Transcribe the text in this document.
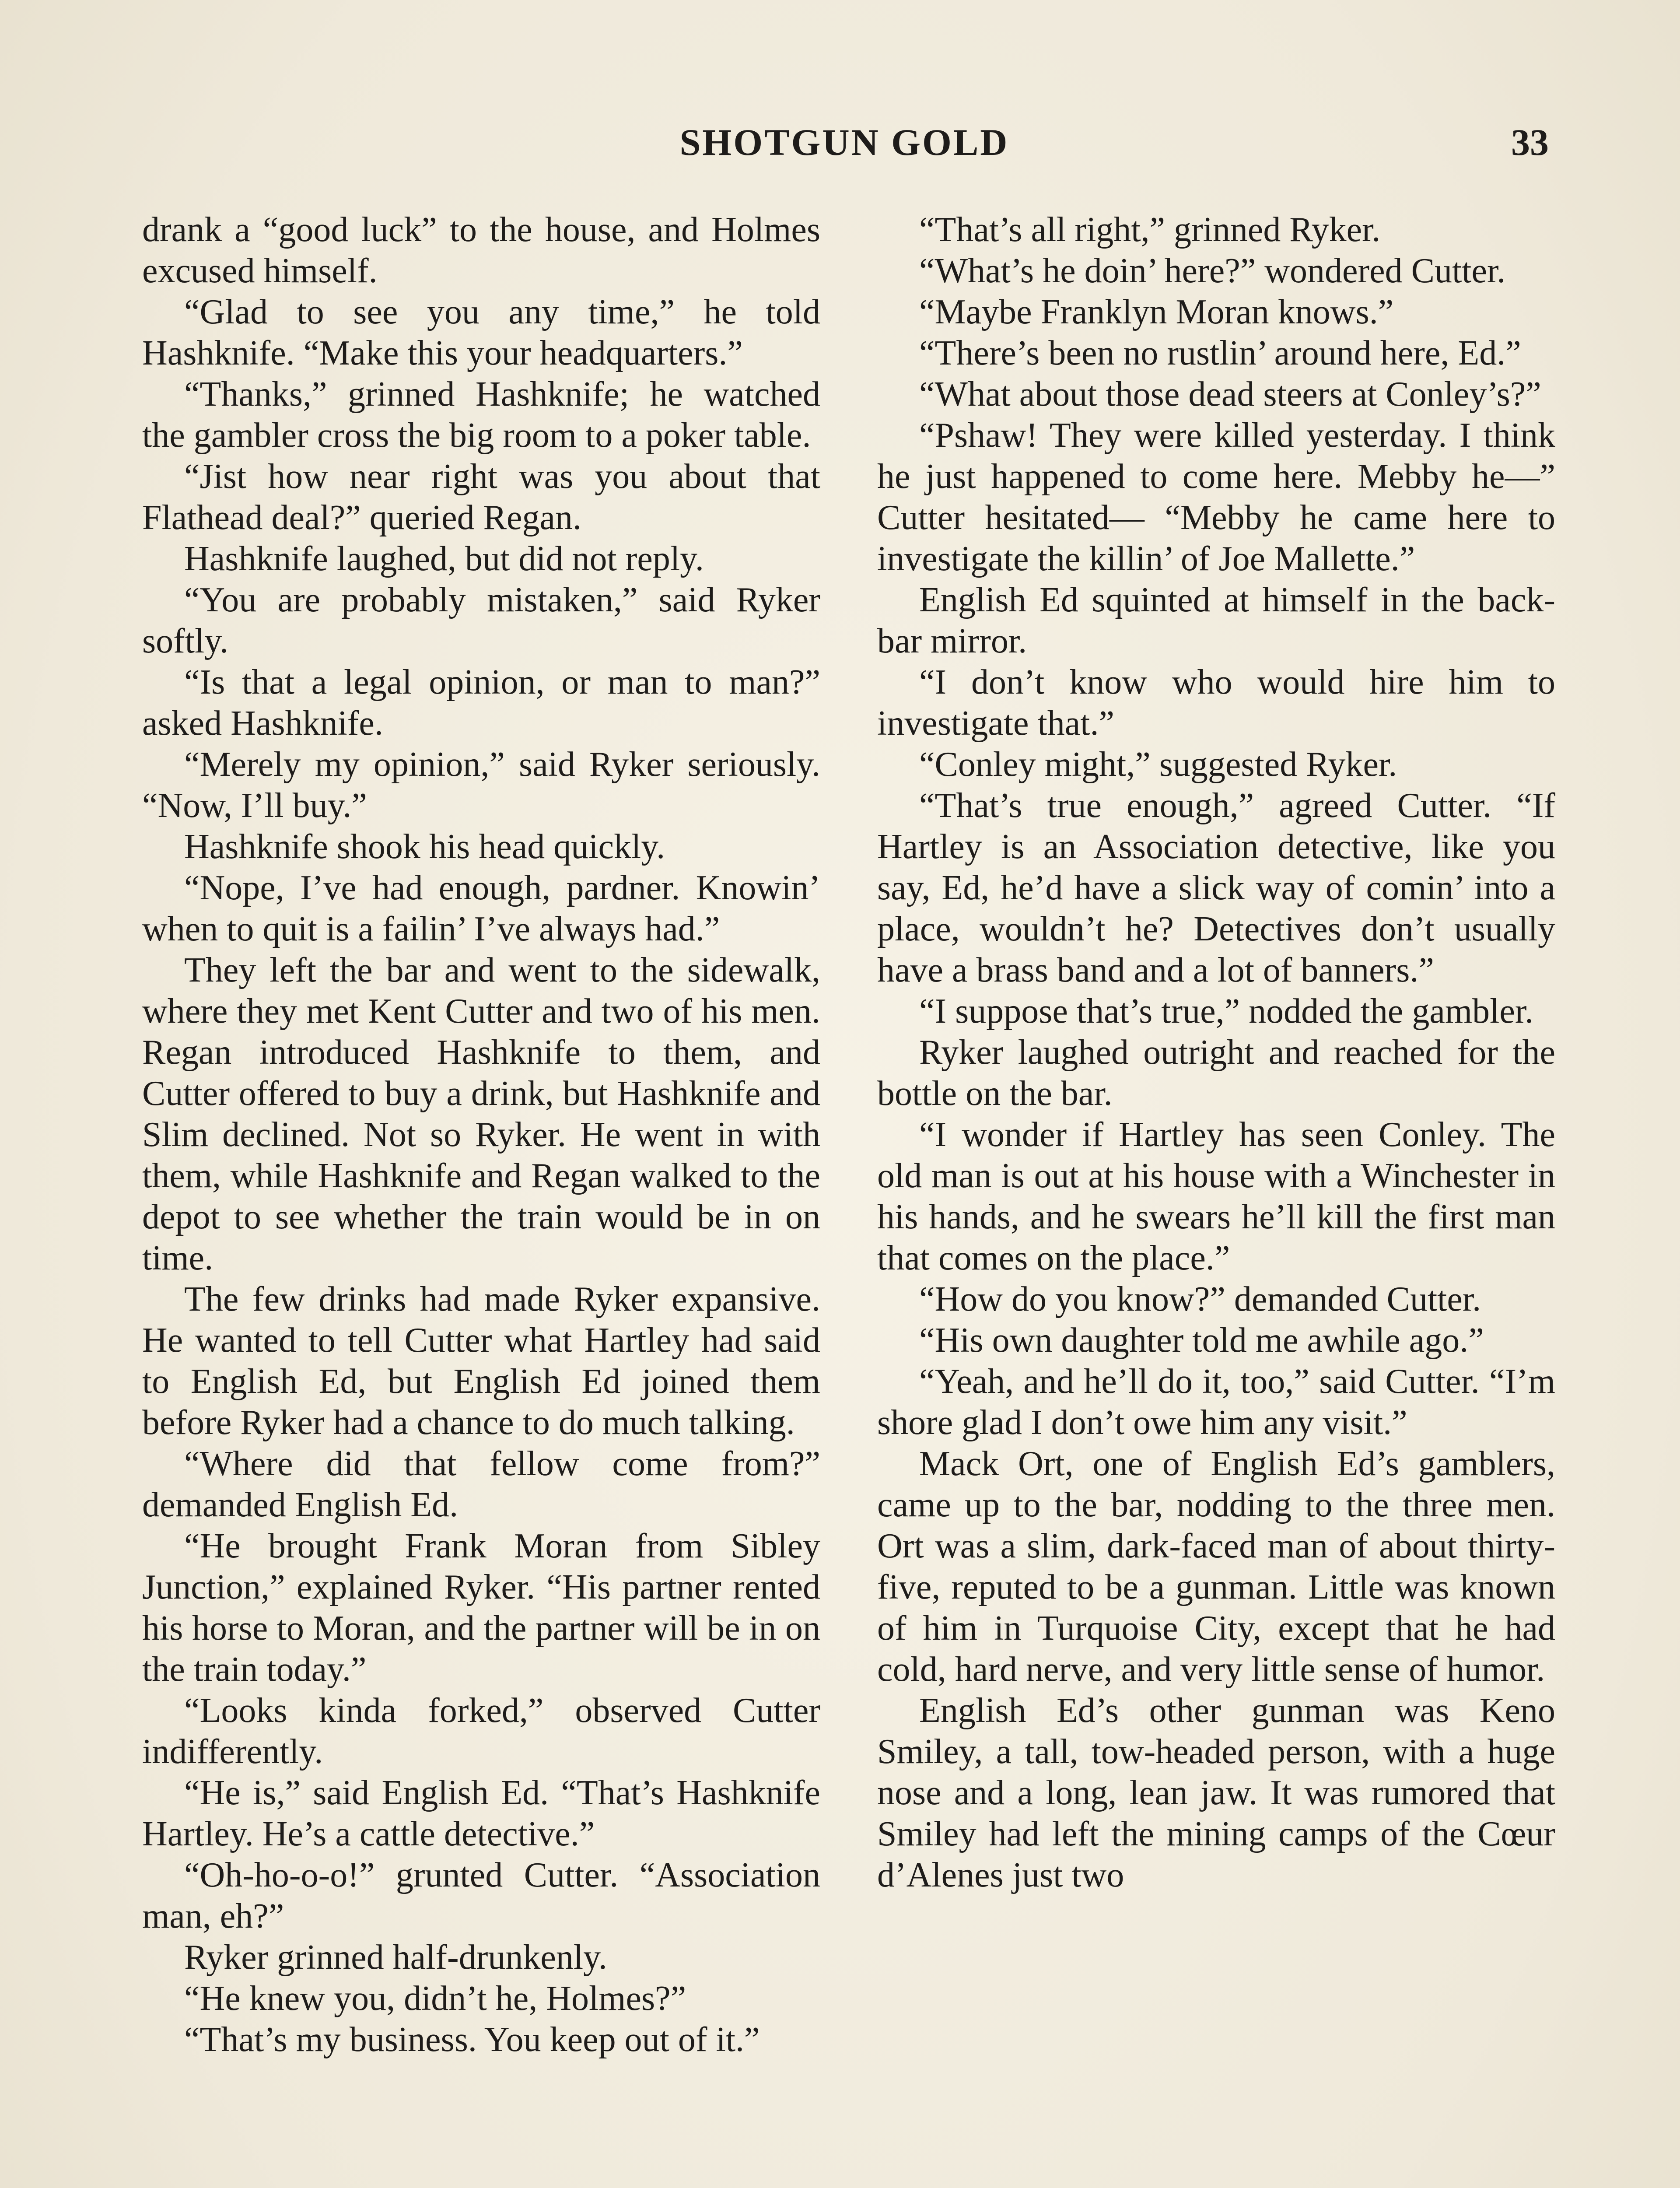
SHOTGUN GOLD	33

drank a “good luck” to the house, and Holmes excused himself.

“Glad to see you any time,” he told Hashknife. “Make this your headquarters.”

“Thanks,” grinned Hashknife; he watched the gambler cross the big room to a poker table.

“Jist how near right was you about that Flathead deal?” queried Regan.

Hashknife laughed, but did not reply.

“You are probably mistaken,” said Ryker softly.

“Is that a legal opinion, or man to man?” asked Hashknife.

“Merely my opinion,” said Ryker seriously. “Now, I’ll buy.”

Hashknife shook his head quickly.

“Nope, I’ve had enough, pardner. Knowin’ when to quit is a failin’ I’ve always had.”

They left the bar and went to the sidewalk, where they met Kent Cutter and two of his men. Regan introduced Hashknife to them, and Cutter offered to buy a drink, but Hashknife and Slim declined. Not so Ryker. He went in with them, while Hashknife and Regan walked to the depot to see whether the train would be in on time.

The few drinks had made Ryker expansive. He wanted to tell Cutter what Hartley had said to English Ed, but English Ed joined them before Ryker had a chance to do much talking.

“Where did that fellow come from?” demanded English Ed.

“He brought Frank Moran from Sibley Junction,” explained Ryker. “His partner rented his horse to Moran, and the partner will be in on the train today.”

“Looks kinda forked,” observed Cutter indifferently.

“He is,” said English Ed. “That’s Hashknife Hartley. He’s a cattle detective.”

“Oh-ho-o-o!” grunted Cutter. “Association man, eh?”

Ryker grinned half-drunkenly.

“He knew you, didn’t he, Holmes?”

“That’s my business. You keep out of it.”

“That’s all right,” grinned Ryker.

“What’s he doin’ here?” wondered Cutter.

“Maybe Franklyn Moran knows.”

“There’s been no rustlin’ around here, Ed.”

“What about those dead steers at Conley’s?”

“Pshaw! They were killed yesterday. I think he just happened to come here. Mebby he—” Cutter hesitated— “Mebby he came here to investigate the killin’ of Joe Mallette.”

English Ed squinted at himself in the back-bar mirror.

“I don’t know who would hire him to investigate that.”

“Conley might,” suggested Ryker.

“That’s true enough,” agreed Cutter. “If Hartley is an Association detective, like you say, Ed, he’d have a slick way of comin’ into a place, wouldn’t he? Detectives don’t usually have a brass band and a lot of banners.”

“I suppose that’s true,” nodded the gambler.

Ryker laughed outright and reached for the bottle on the bar.

“I wonder if Hartley has seen Conley. The old man is out at his house with a Winchester in his hands, and he swears he’ll kill the first man that comes on the place.”

“How do you know?” demanded Cutter.

“His own daughter told me awhile ago.”

“Yeah, and he’ll do it, too,” said Cutter. “I’m shore glad I don’t owe him any visit.”

Mack Ort, one of English Ed’s gamblers, came up to the bar, nodding to the three men. Ort was a slim, dark-faced man of about thirty-five, reputed to be a gunman. Little was known of him in Turquoise City, except that he had cold, hard nerve, and very little sense of humor.

English Ed’s other gunman was Keno Smiley, a tall, tow-headed person, with a huge nose and a long, lean jaw. It was rumored that Smiley had left the mining camps of the Cœur d’Alenes just two
